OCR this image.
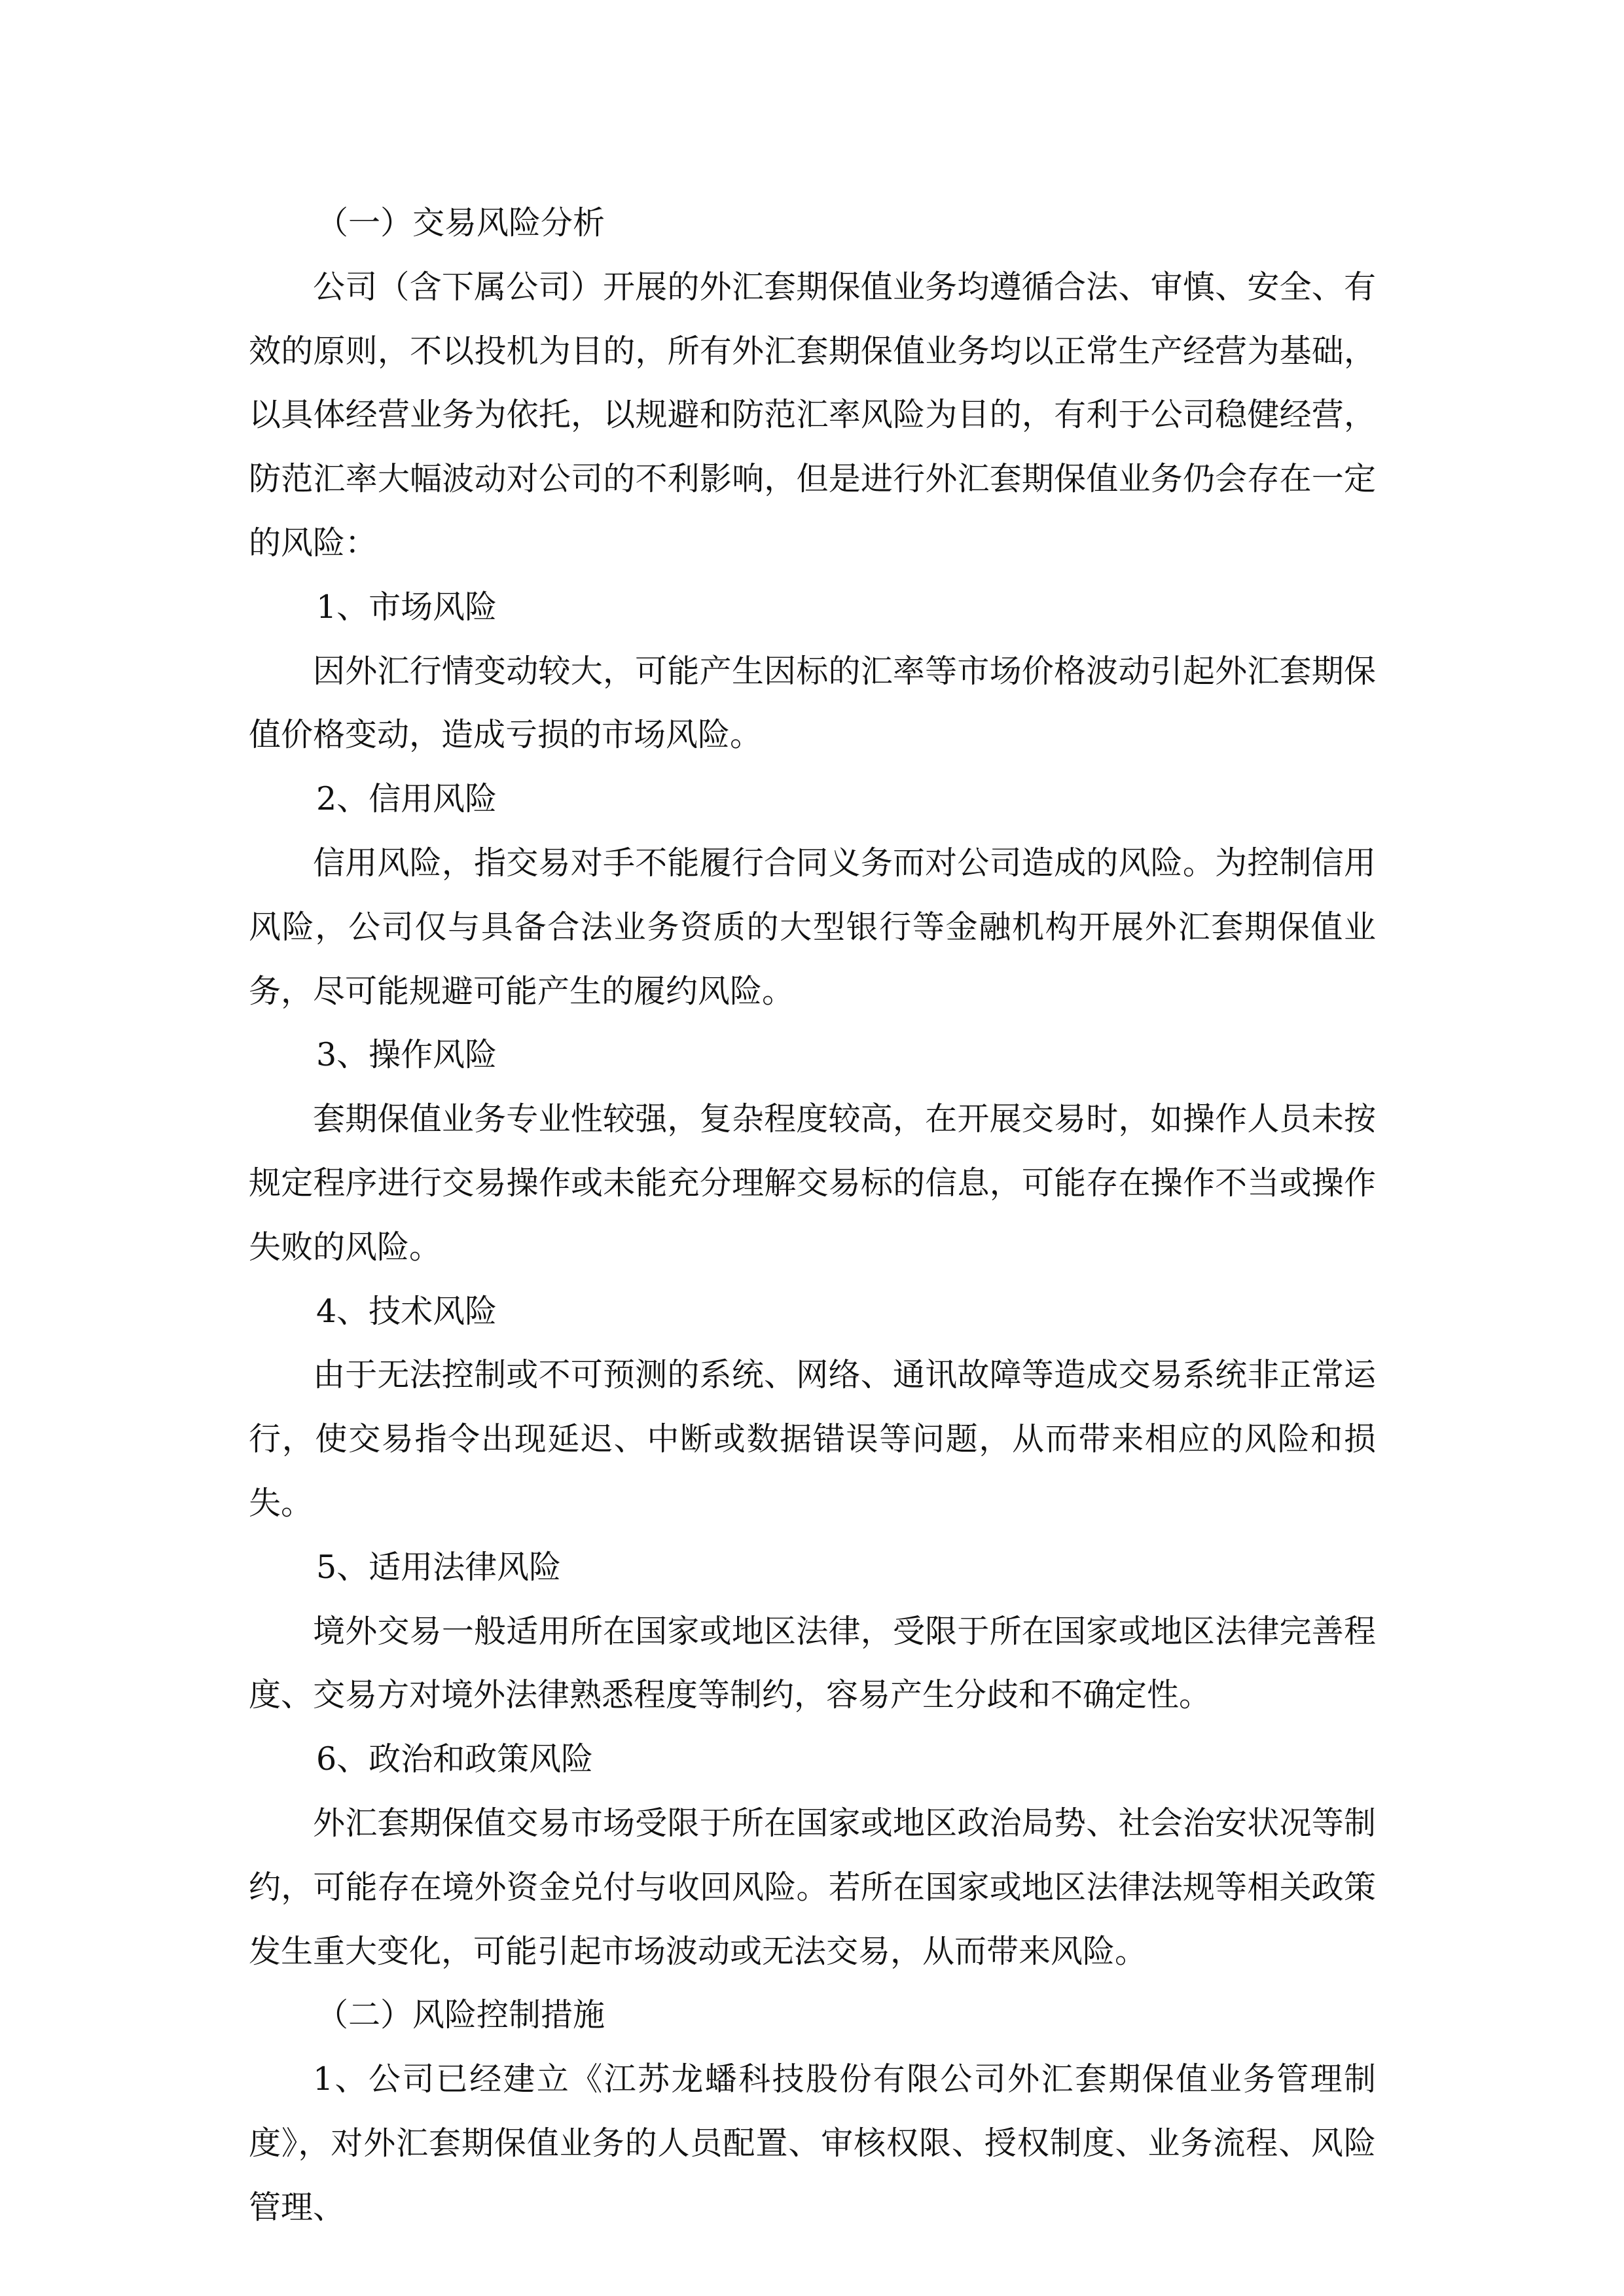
（一）交易风险分析

公司（含下属公司）开展的外汇套期保值业务均遵循合法、审慎、安全、有效的原则，不以投机为目的，所有外汇套期保值业务均以正常生产经营为基础，以具体经营业务为依托，以规避和防范汇率风险为目的，有利于公司稳健经营，防范汇率大幅波动对公司的不利影响，但是进行外汇套期保值业务仍会存在一定的风险：

1、市场风险

因外汇行情变动较大，可能产生因标的汇率等市场价格波动引起外汇套期保值价格变动，造成亏损的市场风险。

2、信用风险

信用风险，指交易对手不能履行合同义务而对公司造成的风险。为控制信用风险，公司仅与具备合法业务资质的大型银行等金融机构开展外汇套期保值业务，尽可能规避可能产生的履约风险。

3、操作风险

套期保值业务专业性较强，复杂程度较高，在开展交易时，如操作人员未按规定程序进行交易操作或未能充分理解交易标的信息，可能存在操作不当或操作失败的风险。

4、技术风险

由于无法控制或不可预测的系统、网络、通讯故障等造成交易系统非正常运行，使交易指令出现延迟、中断或数据错误等问题，从而带来相应的风险和损失。

5、适用法律风险

境外交易一般适用所在国家或地区法律，受限于所在国家或地区法律完善程度、交易方对境外法律熟悉程度等制约，容易产生分歧和不确定性。

6、政治和政策风险

外汇套期保值交易市场受限于所在国家或地区政治局势、社会治安状况等制约，可能存在境外资金兑付与收回风险。若所在国家或地区法律法规等相关政策发生重大变化，可能引起市场波动或无法交易，从而带来风险。

（二）风险控制措施

1、公司已经建立《江苏龙蟠科技股份有限公司外汇套期保值业务管理制度》，对外汇套期保值业务的人员配置、审核权限、授权制度、业务流程、风险管理、
